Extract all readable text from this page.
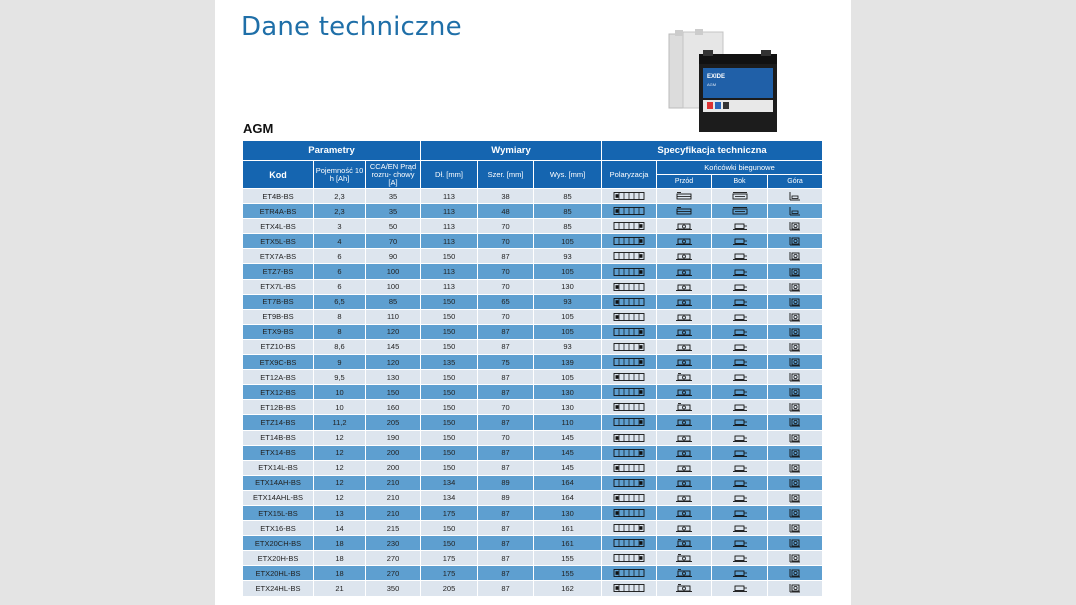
Dane techniczne
EXIDE
AGM
AGM
Parametry			Wymiary			Specyfikacja techniczna			
Kod	Pojemność 10 h [Ah]	CCA/EN Prąd rozru- chowy [A]	Dł. [mm]	Szer. [mm]	Wys. [mm]	Polaryzacja	Końcówki biegunowe		
							Przód	Bok	Góra
ET4B-BS	2,3	35	113	38	85	

ETR4A-BS	2,3	35	113	48	85	

ETX4L-BS	3	50	113	70	85	

ETX5L-BS	4	70	113	70	105	

ETX7A-BS	6	90	150	87	93	

ETZ7-BS	6	100	113	70	105	

ETX7L-BS	6	100	113	70	130	

ET7B-BS	6,5	85	150	65	93	

ET9B-BS	8	110	150	70	105	

ETX9-BS	8	120	150	87	105	

ETZ10-BS	8,6	145	150	87	93	

ETX9C-BS	9	120	135	75	139	

ET12A-BS	9,5	130	150	87	105	

ETX12-BS	10	150	150	87	130	

ET12B-BS	10	160	150	70	130	

ETZ14-BS	11,2	205	150	87	110	

ET14B-BS	12	190	150	70	145	

ETX14-BS	12	200	150	87	145	

ETX14L-BS	12	200	150	87	145	

ETX14AH-BS	12	210	134	89	164	

ETX14AHL-BS	12	210	134	89	164	

ETX15L-BS	13	210	175	87	130	

ETX16-BS	14	215	150	87	161	

ETX20CH-BS	18	230	150	87	161	

ETX20H-BS	18	270	175	87	155	

ETX20HL-BS	18	270	175	87	155	

ETX24HL-BS	21	350	205	87	162	
